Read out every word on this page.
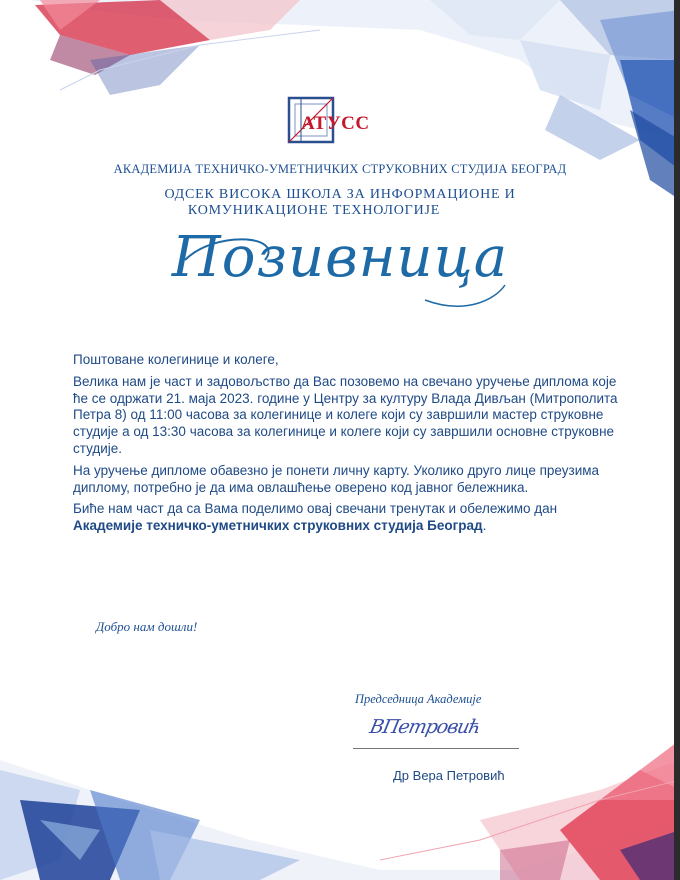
АТУСС
АКАДЕМИЈА ТЕХНИЧКО-УМЕТНИЧКИХ СТРУКОВНИХ СТУДИЈА БЕОГРАД
ОДСЕК ВИСОКА ШКОЛА ЗА ИНФОРМАЦИОНЕ И
КОМУНИКАЦИОНЕ ТЕХНОЛОГИЈЕ
Позивница

Поштоване колегинице и колеге,

Велика нам је част и задовољство да Вас позовемо на свечано уручење диплома које ће се одржати 21. маја 2023. године у Центру за културу Влада Дивљан (Митрополита Петра 8) од 11:00 часова за колегинице и колеге који су завршили мастер струковне студије а од 13:30 часова за колегинице и колеге који су завршили основне струковне студије.

На уручење дипломе обавезно је понети личну карту. Уколико друго лице преузима диплому, потребно је да има овлашћење оверено код јавног бележника.

Биће нам част да са Вама поделимо овај свечани тренутак и обележимо дан Академије техничко-уметничких струковних студија Београд.

Добро нам дошли!
Председница Академије
ВПетровић
Др Вера Петровић
